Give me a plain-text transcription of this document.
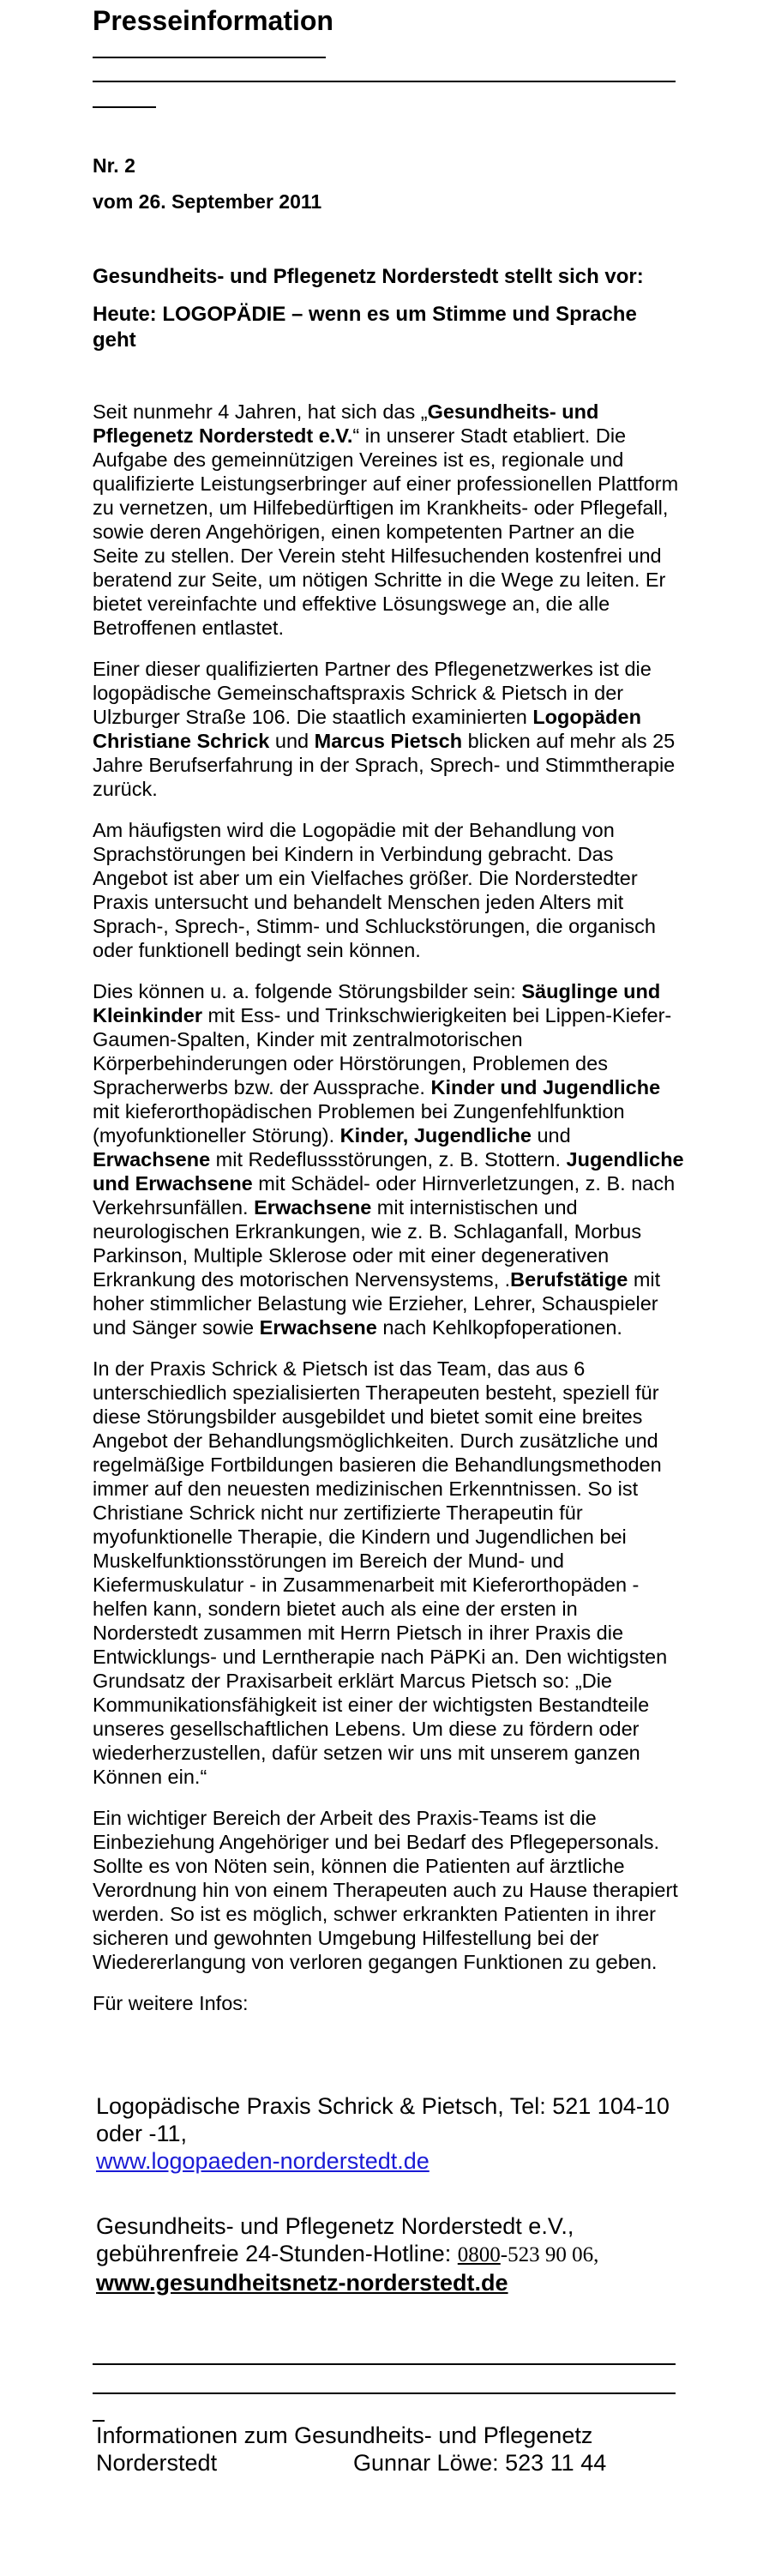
Presseinformation
Nr. 2
vom 26. September 2011
Gesundheits- und Pflegenetz Norderstedt stellt sich vor:
Heute: LOGOPÄDIE – wenn es um Stimme und Sprache geht

Seit nunmehr 4 Jahren, hat sich das „Gesundheits- und Pflegenetz Norderstedt e.V.“ in unserer Stadt etabliert. Die Aufgabe des gemeinnützigen Vereines ist es, regionale und qualifizierte Leistungserbringer auf einer professionellen Plattform zu vernetzen, um Hilfebedürftigen im Krankheits- oder Pflegefall, sowie deren Angehörigen, einen kompetenten Partner an die Seite zu stellen. Der Verein steht Hilfesuchenden kostenfrei und beratend zur Seite, um nötigen Schritte in die Wege zu leiten. Er bietet vereinfachte und effektive Lösungswege an, die alle Betroffenen entlastet.

Einer dieser qualifizierten Partner des Pflegenetzwerkes ist die logopädische Gemeinschaftspraxis Schrick & Pietsch in der Ulzburger Straße 106. Die staatlich examinierten Logopäden Christiane Schrick und Marcus Pietsch blicken auf mehr als 25 Jahre Berufserfahrung in der Sprach, Sprech- und Stimmtherapie zurück.

Am häufigsten wird die Logopädie mit der Behandlung von Sprachstörungen bei Kindern in Verbindung gebracht. Das Angebot ist aber um ein Vielfaches größer. Die Norderstedter Praxis untersucht und behandelt Menschen jeden Alters mit Sprach-, Sprech-, Stimm- und Schluckstörungen, die organisch oder funktionell bedingt sein können.

Dies können u. a. folgende Störungsbilder sein: Säuglinge und Kleinkinder mit Ess- und Trinkschwierigkeiten bei Lippen-Kiefer-Gaumen-Spalten, Kinder mit zentralmotorischen Körperbehinderungen oder Hörstörungen, Problemen des Spracherwerbs bzw. der Aussprache. Kinder und Jugendliche mit kieferorthopädischen Problemen bei Zungenfehlfunktion (myofunktioneller Störung). Kinder, Jugendliche und Erwachsene mit Redeflussstörungen, z. B. Stottern. Jugendliche und Erwachsene mit Schädel- oder Hirnverletzungen, z. B. nach Verkehrsunfällen. Erwachsene mit internistischen und neurologischen Erkrankungen, wie z. B. Schlaganfall, Morbus Parkinson, Multiple Sklerose oder mit einer degenerativen Erkrankung des motorischen Nervensystems, .Berufstätige mit hoher stimmlicher Belastung wie Erzieher, Lehrer, Schauspieler und Sänger sowie Erwachsene nach Kehlkopfoperationen.

In der Praxis Schrick & Pietsch ist das Team, das aus 6 unterschiedlich spezialisierten Therapeuten besteht, speziell für diese Störungsbilder ausgebildet und bietet somit eine breites Angebot der Behandlungsmöglichkeiten. Durch zusätzliche und regelmäßige Fortbildungen basieren die Behandlungsmethoden immer auf den neuesten medizinischen Erkenntnissen. So ist Christiane Schrick nicht nur zertifizierte Therapeutin für myofunktionelle Therapie, die Kindern und Jugendlichen bei Muskelfunktionsstörungen im Bereich der Mund- und Kiefermuskulatur - in Zusammenarbeit mit Kieferorthopäden - helfen kann, sondern bietet auch als eine der ersten in Norderstedt zusammen mit Herrn Pietsch in ihrer Praxis die Entwicklungs- und Lerntherapie nach PäPKi an. Den wichtigsten Grundsatz der Praxisarbeit erklärt Marcus Pietsch so: „Die Kommunikationsfähigkeit ist einer der wichtigsten Bestandteile unseres gesellschaftlichen Lebens. Um diese zu fördern oder wiederherzustellen, dafür setzen wir uns mit unserem ganzen Können ein.“

Ein wichtiger Bereich der Arbeit des Praxis-Teams ist die Einbeziehung Angehöriger und bei Bedarf des Pflegepersonals. Sollte es von Nöten sein, können die Patienten auf ärztliche Verordnung hin von einem Therapeuten auch zu Hause therapiert werden. So ist es möglich, schwer erkrankten Patienten in ihrer sicheren und gewohnten Umgebung Hilfestellung bei der Wiedererlangung von verloren gegangen Funktionen zu geben.

Für weitere Infos:

Logopädische Praxis Schrick & Pietsch, Tel: 521 104-10 oder -11,
www.logopaeden-norderstedt.de
Gesundheits- und Pflegenetz Norderstedt e.V., gebührenfreie 24-Stunden-Hotline: 0800-523 90 06,
www.gesundheitsnetz-norderstedt.de
Informationen zum Gesundheits- und Pflegenetz
Norderstedt	Gunnar Löwe: 523 11 44
